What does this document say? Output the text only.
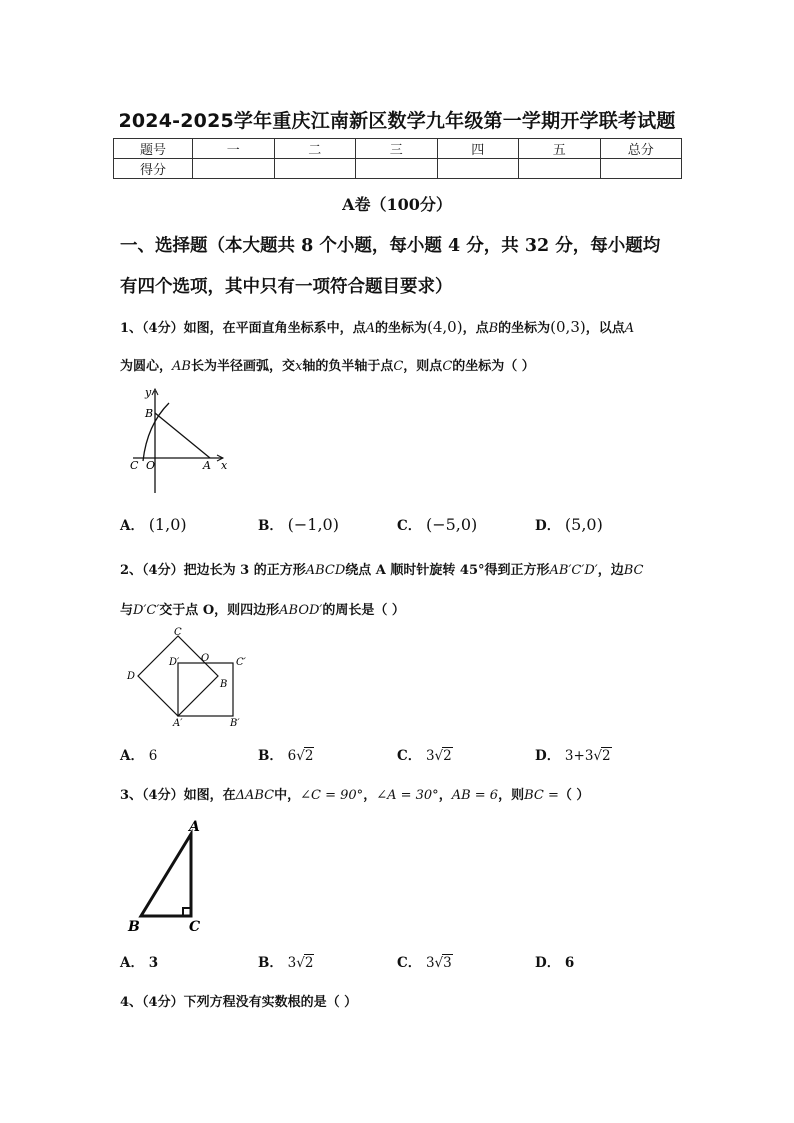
2024-2025学年重庆江南新区数学九年级第一学期开学联考试题
题号	一	二	三	四	五	总分
得分						
A卷（100分）
一、选择题（本大题共 8 个小题，每小题 4 分，共 32 分，每小题均
有四个选项，其中只有一项符合题目要求）
1、（4分）如图，在平面直角坐标系中，点A的坐标为(4,0)，点B的坐标为(0,3)，以点A
为圆心，AB长为半径画弧，交x轴的负半轴于点C，则点C的坐标为（ ）
y
B
C O	A x
A． (1,0)	B． (−1,0)	C． (−5,0)	D． (5,0)
2、（4分）把边长为 3 的正方形ABCD绕点 A 顺时针旋转 45°得到正方形AB′C′D′，边BC
与D′C′交于点 O，则四边形ABOD′的周长是（ ）
C
D′ O	C′
D
B
A′	B′
A． 6	B． 6√2	C． 3√2	D． 3+3√2
3、（4分）如图，在ΔABC中，∠C = 90°，∠A = 30°，AB = 6，则BC =（ ）
A
B	C
A． 3	B． 3√2	C． 3√3	D． 6
4、（4分）下列方程没有实数根的是（ ）
